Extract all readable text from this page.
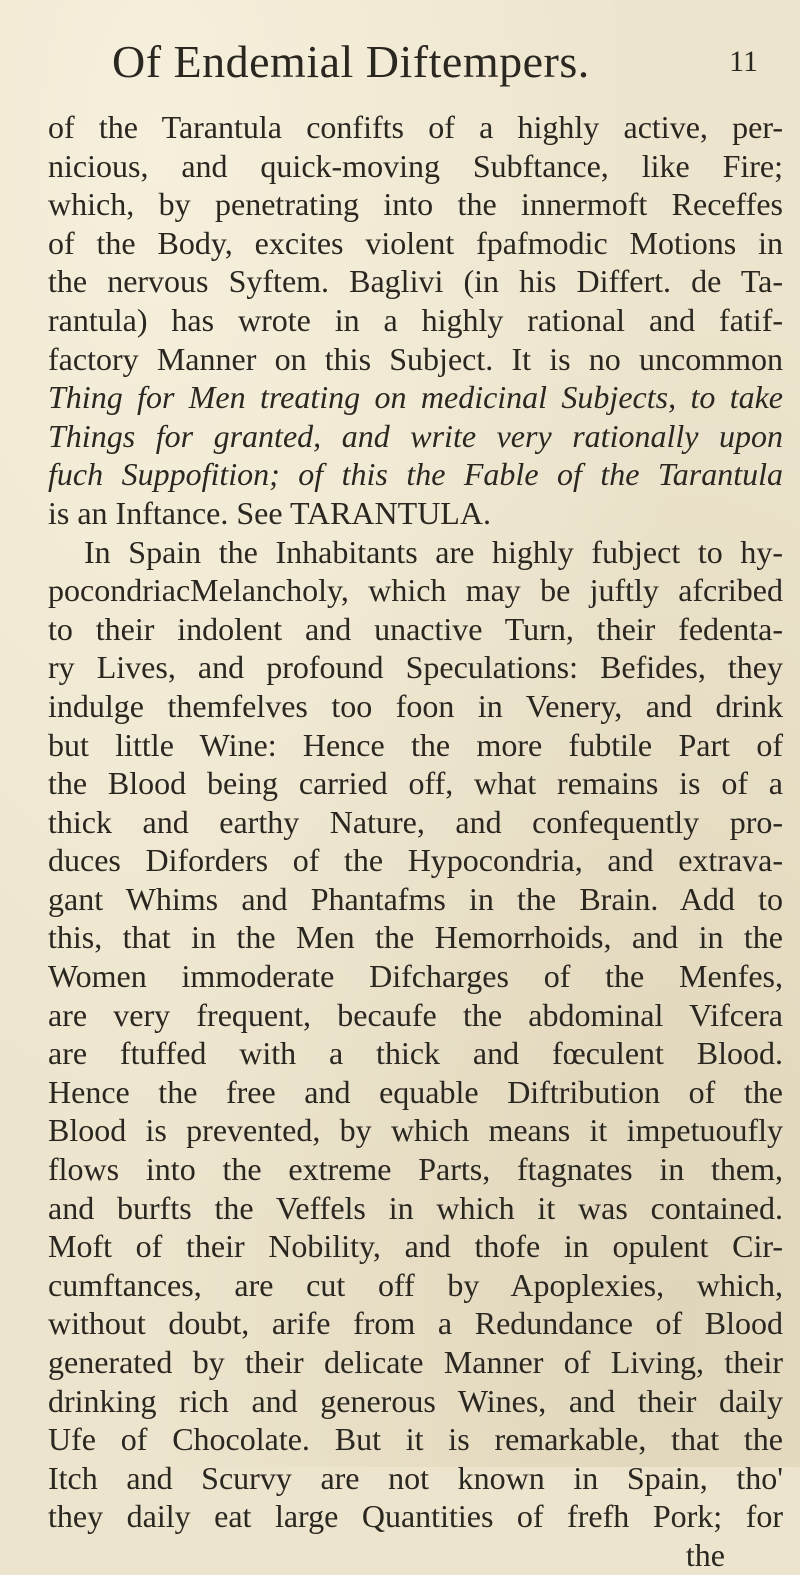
Of Endemial Diftempers.	11
of the Tarantula confifts of a highly active, per-
nicious, and quick-moving Subftance, like Fire;
which, by penetrating into the innermoft Receffes
of the Body, excites violent fpafmodic Motions in
the nervous Syftem. Baglivi (in his Differt. de Ta-
rantula) has wrote in a highly rational and fatif-
factory Manner on this Subject. It is no uncommon
Thing for Men treating on medicinal Subjects, to take
Things for granted, and write very rationally upon
fuch Suppofition; of this the Fable of the Tarantula
is an Inftance. See TARANTULA.
In Spain the Inhabitants are highly fubject to hy-
pocondriacMelancholy, which may be juftly afcribed
to their indolent and unactive Turn, their fedenta-
ry Lives, and profound Speculations: Befides, they
indulge themfelves too foon in Venery, and drink
but little Wine: Hence the more fubtile Part of
the Blood being carried off, what remains is of a
thick and earthy Nature, and confequently pro-
duces Diforders of the Hypocondria, and extrava-
gant Whims and Phantafms in the Brain. Add to
this, that in the Men the Hemorrhoids, and in the
Women immoderate Difcharges of the Menfes,
are very frequent, becaufe the abdominal Vifcera
are ftuffed with a thick and fœculent Blood.
Hence the free and equable Diftribution of the
Blood is prevented, by which means it impetuoufly
flows into the extreme Parts, ftagnates in them,
and burfts the Veffels in which it was contained.
Moft of their Nobility, and thofe in opulent Cir-
cumftances, are cut off by Apoplexies, which,
without doubt, arife from a Redundance of Blood
generated by their delicate Manner of Living, their
drinking rich and generous Wines, and their daily
Ufe of Chocolate. But it is remarkable, that the
Itch and Scurvy are not known in Spain, tho'
they daily eat large Quantities of frefh Pork; for
the
